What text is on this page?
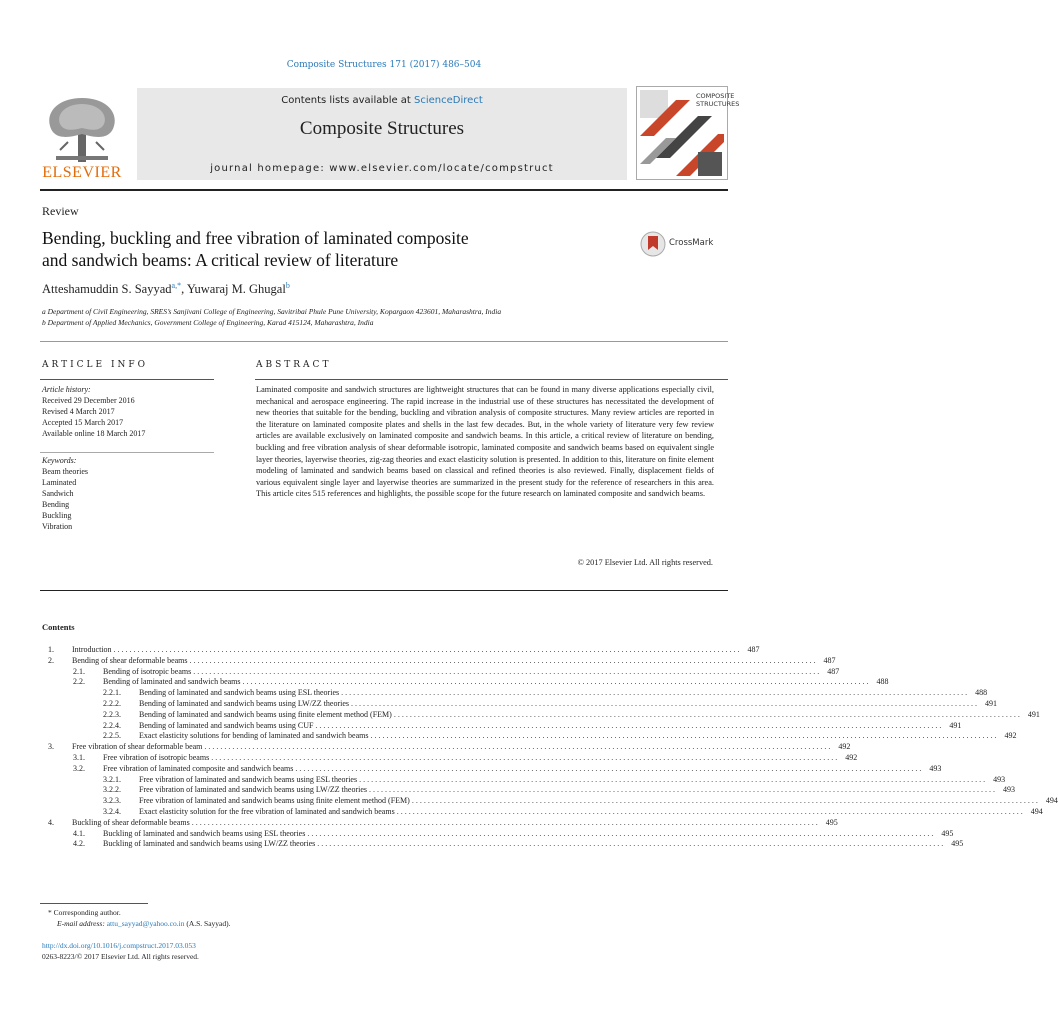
Composite Structures 171 (2017) 486–504
ELSEVIER
Contents lists available at ScienceDirect
Composite Structures
journal homepage: www.elsevier.com/locate/compstruct
COMPOSITE
STRUCTURES
Review
Bending, buckling and free vibration of laminated composite
and sandwich beams: A critical review of literature
CrossMark
Atteshamuddin S. Sayyad$^{a,*}$, Yuwaraj M. Ghugal$^b$
a Department of Civil Engineering, SRES’s Sanjivani College of Engineering, Savitribai Phule Pune University, Kopargaon 423601, Maharashtra, India
b Department of Applied Mechanics, Government College of Engineering, Karad 415124, Maharashtra, India
ARTICLE INFO	ABSTRACT
Article history:
Received 29 December 2016
Revised 4 March 2017
Accepted 15 March 2017
Available online 18 March 2017
Keywords:
Beam theories
Laminated
Sandwich
Bending
Buckling
Vibration
Laminated composite and sandwich structures are lightweight structures that can be found in many diverse applications especially civil, mechanical and aerospace engineering. The rapid increase in the industrial use of these structures has necessitated the development of new theories that suitable for the bending, buckling and vibration analysis of composite structures. Many review articles are reported in the literature on laminated composite plates and shells in the last few decades. But, in the whole variety of literature very few review articles are available exclusively on laminated composite and sandwich beams. In this article, a critical review of literature on bending, buckling and free vibration analysis of shear deformable isotropic, laminated composite and sandwich beams based on equivalent single layer theories, layerwise theories, zig-zag theories and exact elasticity solution is presented. In addition to this, literature on finite element modeling of laminated and sandwich beams based on classical and refined theories is also reviewed. Finally, displacement fields of various equivalent single layer and layerwise theories are summarized in the present study for the reference of researchers in this area. This article cites 515 references and highlights, the possible scope for the future research on laminated composite and sandwich beams.
© 2017 Elsevier Ltd. All rights reserved.
Contents
1.	Introduction . . .	487
2.	Bending of shear deformable beams . . .	487
2.1.	Bending of isotropic beams . . .	487
2.2.	Bending of laminated and sandwich beams . . .	488
2.2.1.	Bending of laminated and sandwich beams using ESL theories . . .	488
2.2.2.	Bending of laminated and sandwich beams using LW/ZZ theories . . .	491
2.2.3.	Bending of laminated and sandwich beams using finite element method (FEM) . . .	491
2.2.4.	Bending of laminated and sandwich beams using CUF . . .	491
2.2.5.	Exact elasticity solutions for bending of laminated and sandwich beams . . .	492
3.	Free vibration of shear deformable beam . . .	492
3.1.	Free vibration of isotropic beams . . .	492
3.2.	Free vibration of laminated composite and sandwich beams . . .	493
3.2.1.	Free vibration of laminated and sandwich beams using ESL theories . . .	493
3.2.2.	Free vibration of laminated and sandwich beams using LW/ZZ theories . . .	493
3.2.3.	Free vibration of laminated and sandwich beams using finite element method (FEM) . . .	494
3.2.4.	Exact elasticity solution for the free vibration of laminated and sandwich beams . . .	494
4.	Buckling of shear deformable beams . . .	495
4.1.	Buckling of laminated and sandwich beams using ESL theories . . .	495
4.2.	Buckling of laminated and sandwich beams using LW/ZZ theories . . .	495
* Corresponding author.
E-mail address: attu_sayyad@yahoo.co.in (A.S. Sayyad).
http://dx.doi.org/10.1016/j.compstruct.2017.03.053
0263-8223/© 2017 Elsevier Ltd. All rights reserved.
